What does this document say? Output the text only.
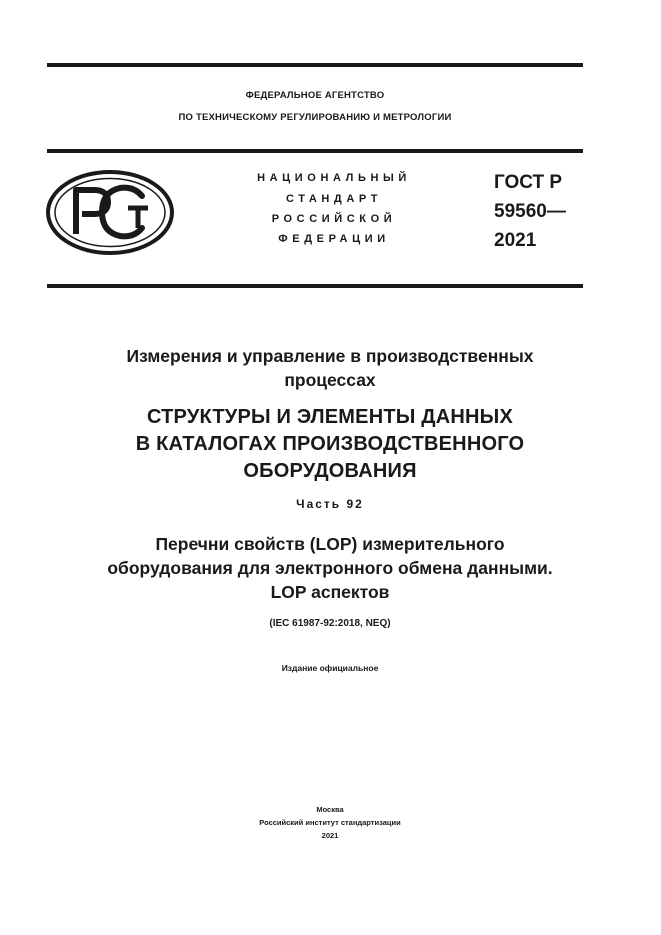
ФЕДЕРАЛЬНОЕ АГЕНТСТВО
ПО ТЕХНИЧЕСКОМУ РЕГУЛИРОВАНИЮ И МЕТРОЛОГИИ
НАЦИОНАЛЬНЫЙ
СТАНДАРТ
РОССИЙСКОЙ
ФЕДЕРАЦИИ
ГОСТ Р
59560—
2021
Измерения и управление в производственных
процессах
СТРУКТУРЫ И ЭЛЕМЕНТЫ ДАННЫХ
В КАТАЛОГАХ ПРОИЗВОДСТВЕННОГО
ОБОРУДОВАНИЯ
Часть 92
Перечни свойств (LOP) измерительного
оборудования для электронного обмена данными.
LOP аспектов
(IEC 61987-92:2018, NEQ)
Издание официальное
Москва
Российский институт стандартизации
2021
